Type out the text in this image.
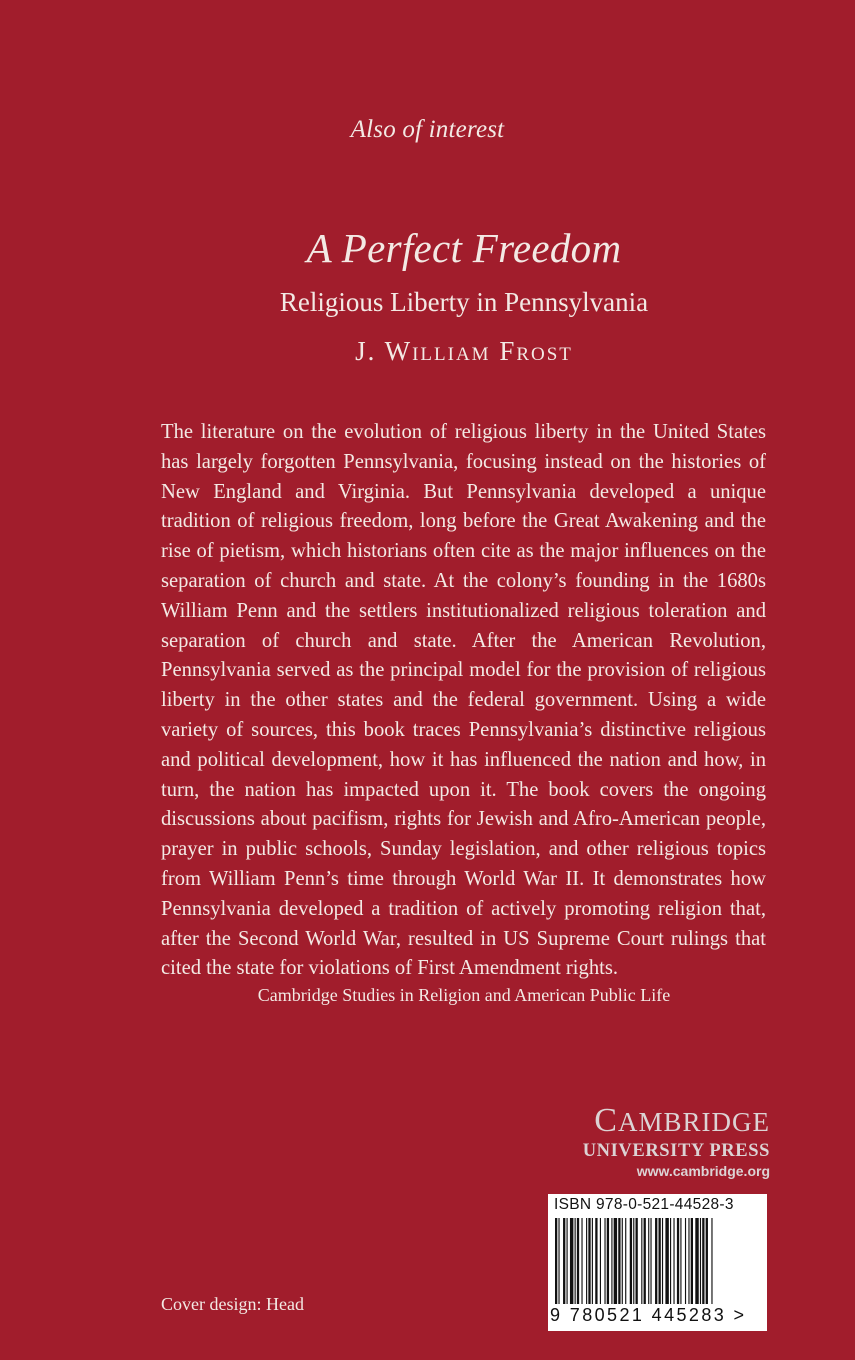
Also of interest
A Perfect Freedom
Religious Liberty in Pennsylvania
J. William Frost

The literature on the evolution of religious liberty in the United States has largely forgotten Pennsylvania, focusing instead on the histories of New England and Virginia. But Pennsylvania developed a unique tradition of religious freedom, long before the Great Awakening and the rise of pietism, which historians often cite as the major influences on the separation of church and state. At the colony’s founding in the 1680s William Penn and the settlers institutionalized religious toleration and separation of church and state. After the American Revolution, Pennsylvania served as the principal model for the provision of religious liberty in the other states and the federal government. Using a wide variety of sources, this book traces Pennsylvania’s distinctive religious and political development, how it has influenced the nation and how, in turn, the nation has impacted upon it. The book covers the ongoing discussions about pacifism, rights for Jewish and Afro-American people, prayer in public schools, Sunday legislation, and other religious topics from William Penn’s time through World War II. It demonstrates how Pennsylvania developed a tradition of actively promoting religion that, after the Second World War, resulted in US Supreme Court rulings that cited the state for violations of First Amendment rights.

Cambridge Studies in Religion and American Public Life
CAMBRIDGE
UNIVERSITY PRESS
www.cambridge.org
ISBN 978-0-521-44528-3
9 780521 445283 >
Cover design: Head
